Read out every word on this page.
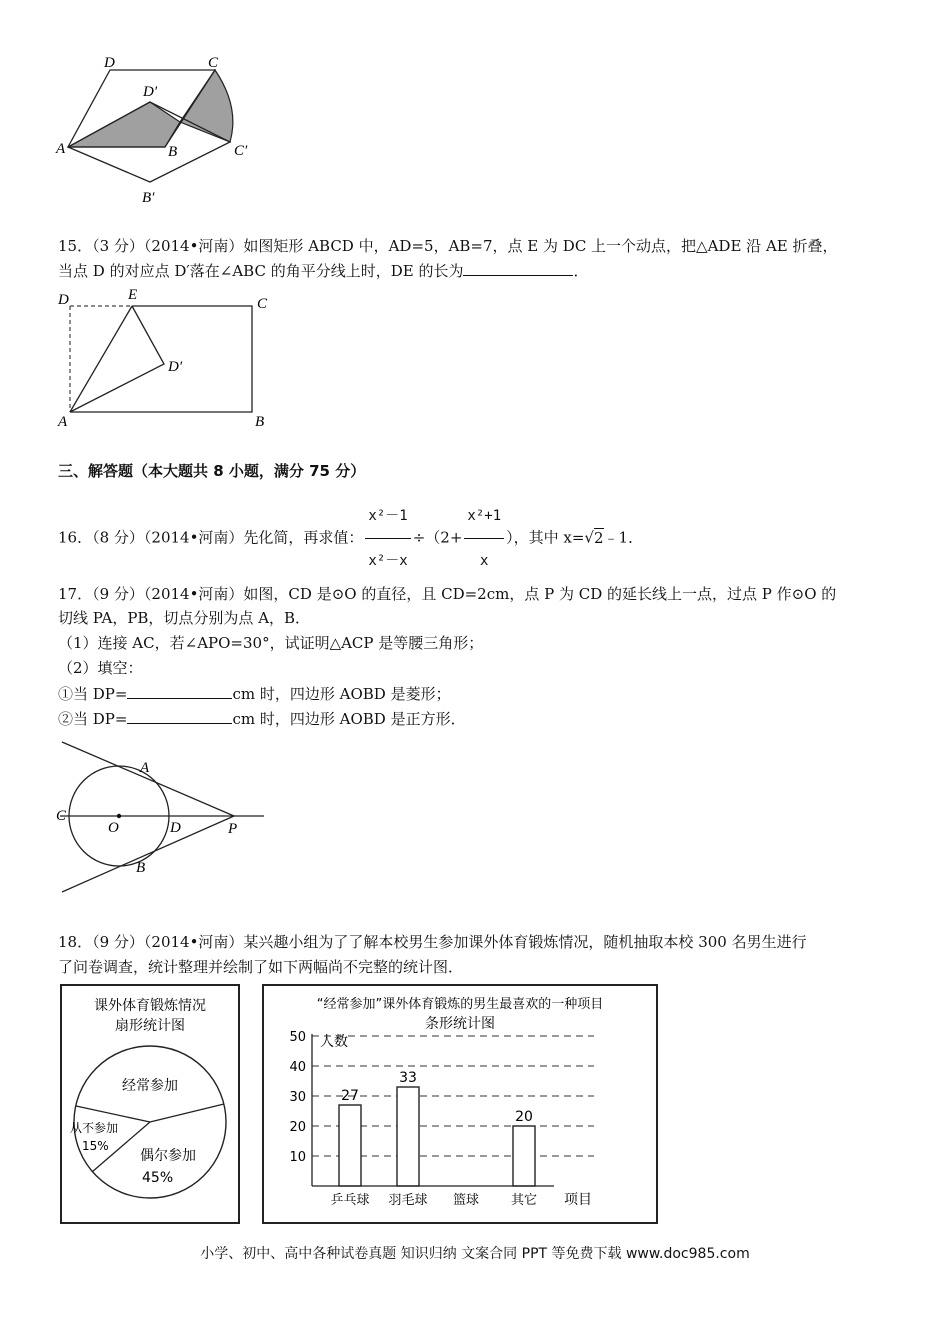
D	C
D′
A	B	C′
B′
15．（3 分）（2014•河南）如图矩形 ABCD 中，AD=5，AB=7，点 E 为 DC 上一个动点，把△ADE 沿 AE 折叠，
当点 D 的对应点 D′落在∠ABC 的角平分线上时，DE 的长为	．
D	E
C
D′
A	B
三、解答题（本大题共 8 小题，满分 75 分）
16．（8 分）（2014•河南）先化简，再求值： $\frac{\text{x²－1}}{\text{x²－x}} \div(2+ \frac{\text{x²+1}}{x}$ ），其中 x=√2﹣1．
17．（9 分）（2014•河南）如图，CD 是⊙O 的直径，且 CD=2cm，点 P 为 CD 的延长线上一点，过点 P 作⊙O 的
切线 PA，PB，切点分别为点 A，B．
（1）连接 AC，若∠APO=30°，试证明△ACP 是等腰三角形；
（2）填空：
①当 DP=	cm 时，四边形 AOBD 是菱形；
②当 DP=	cm 时，四边形 AOBD 是正方形．
A
C
O	D	P
B
18．（9 分）（2014•河南）某兴趣小组为了了解本校男生参加课外体育锻炼情况，随机抽取本校 300 名男生进行
了问卷调查，统计整理并绘制了如下两幅尚不完整的统计图．
课外体育锻炼情况
扇形统计图
经常参加
从不参加
15%
偶尔参加
45%
“经常参加”课外体育锻炼的男生最喜欢的一种项目
条形统计图
人数
项目
27
33
20
10
20
30
40
50
乒乓球 羽毛球 篮球 其它
小学、初中、高中各种试卷真题 知识归纳 文案合同 PPT 等免费下载 www.doc985.com
